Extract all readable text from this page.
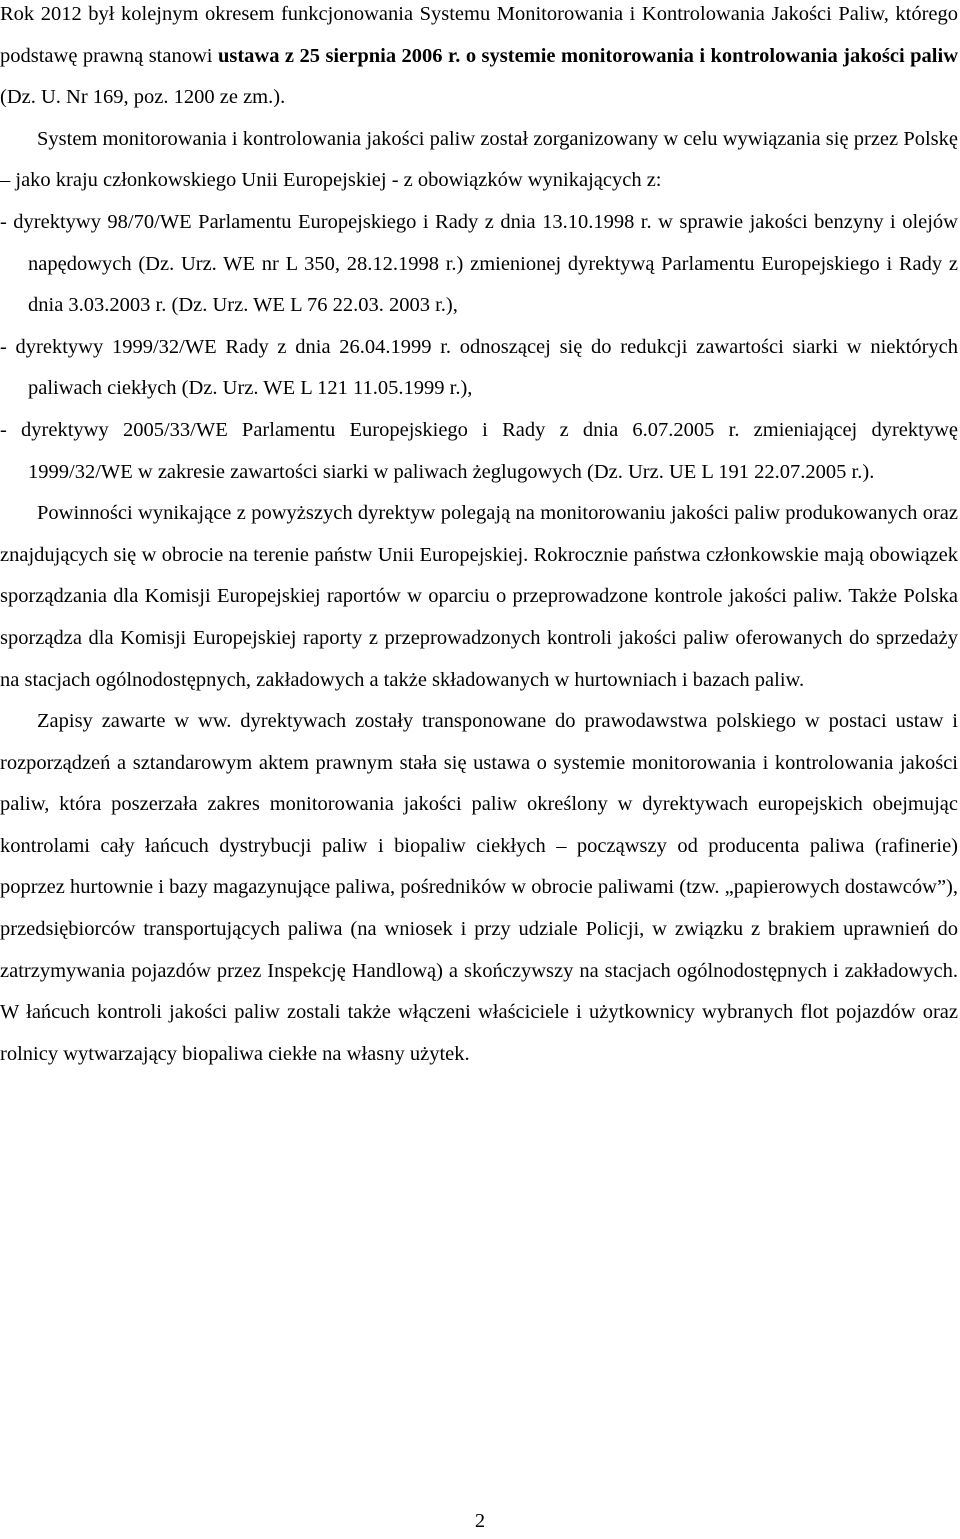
Rok 2012 był kolejnym okresem funkcjonowania Systemu Monitorowania i Kontrolowania Jakości Paliw, którego podstawę prawną stanowi ustawa z 25 sierpnia 2006 r. o systemie monitorowania i kontrolowania jakości paliw (Dz. U. Nr 169, poz. 1200 ze zm.).

System monitorowania i kontrolowania jakości paliw został zorganizowany w celu wywiązania się przez Polskę – jako kraju członkowskiego Unii Europejskiej - z obowiązków wynikających z:

- dyrektywy 98/70/WE Parlamentu Europejskiego i Rady z dnia 13.10.1998 r. w sprawie jakości benzyny i olejów napędowych (Dz. Urz. WE nr L 350, 28.12.1998 r.) zmienionej dyrektywą Parlamentu Europejskiego i Rady z dnia 3.03.2003 r. (Dz. Urz. WE L 76 22.03. 2003 r.),

- dyrektywy 1999/32/WE Rady z dnia 26.04.1999 r. odnoszącej się do redukcji zawartości siarki w niektórych paliwach ciekłych (Dz. Urz. WE L 121 11.05.1999 r.),

- dyrektywy 2005/33/WE Parlamentu Europejskiego i Rady z dnia 6.07.2005 r. zmieniającej dyrektywę 1999/32/WE w zakresie zawartości siarki w paliwach żeglugowych (Dz. Urz. UE L 191 22.07.2005 r.).

Powinności wynikające z powyższych dyrektyw polegają na monitorowaniu jakości paliw produkowanych oraz znajdujących się w obrocie na terenie państw Unii Europejskiej. Rokrocznie państwa członkowskie mają obowiązek sporządzania dla Komisji Europejskiej raportów w oparciu o przeprowadzone kontrole jakości paliw. Także Polska sporządza dla Komisji Europejskiej raporty z przeprowadzonych kontroli jakości paliw oferowanych do sprzedaży na stacjach ogólnodostępnych, zakładowych a także składowanych w hurtowniach i bazach paliw.

Zapisy zawarte w ww. dyrektywach zostały transponowane do prawodawstwa polskiego w postaci ustaw i rozporządzeń a sztandarowym aktem prawnym stała się ustawa o systemie monitorowania i kontrolowania jakości paliw, która poszerzała zakres monitorowania jakości paliw określony w dyrektywach europejskich obejmując kontrolami cały łańcuch dystrybucji paliw i biopaliw ciekłych – począwszy od producenta paliwa (rafinerie) poprzez hurtownie i bazy magazynujące paliwa, pośredników w obrocie paliwami (tzw. „papierowych dostawców”), przedsiębiorców transportujących paliwa (na wniosek i przy udziale Policji, w związku z brakiem uprawnień do zatrzymywania pojazdów przez Inspekcję Handlową) a skończywszy na stacjach ogólnodostępnych i zakładowych. W łańcuch kontroli jakości paliw zostali także włączeni właściciele i użytkownicy wybranych flot pojazdów oraz rolnicy wytwarzający biopaliwa ciekłe na własny użytek.

2
